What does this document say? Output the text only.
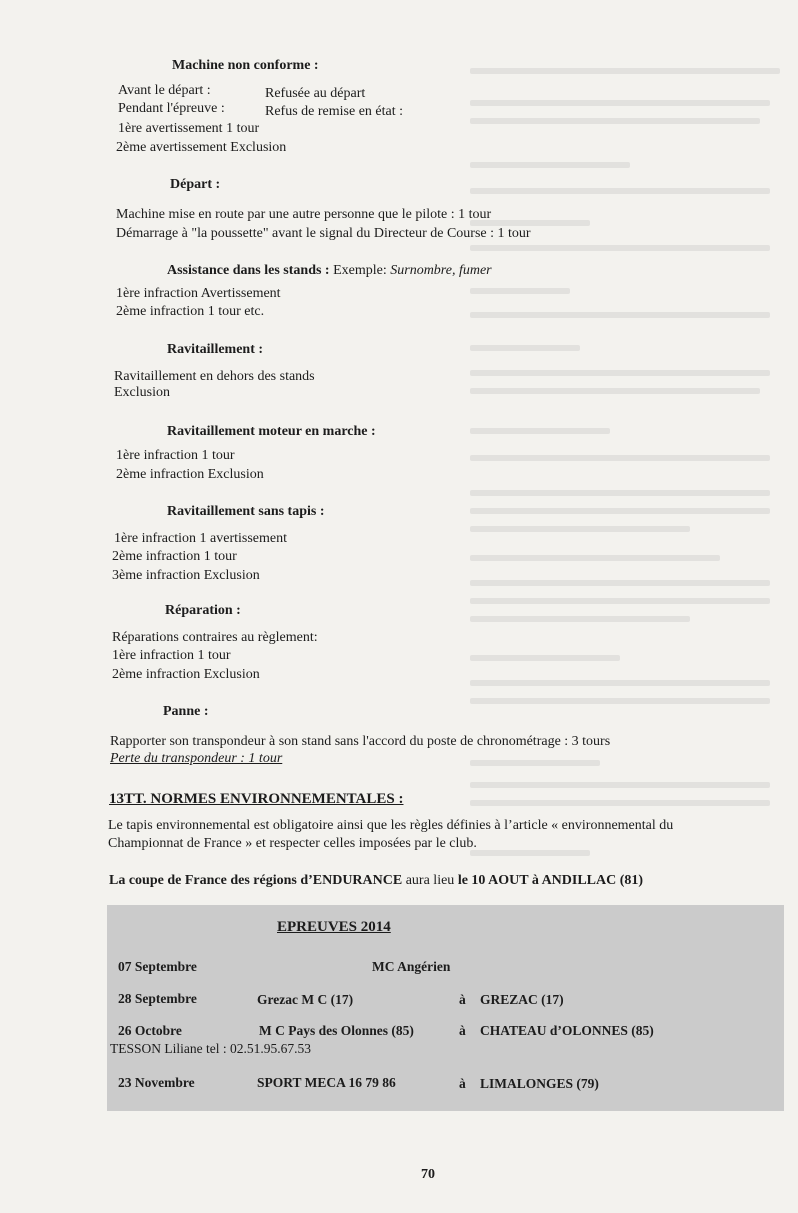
Machine non conforme :
Avant le départ :	Refusée au départ
Pendant l'épreuve :	Refus de remise en état :
1ère avertissement 1 tour
2ème avertissement Exclusion
Départ :
Machine mise en route par une autre personne que le pilote : 1 tour
Démarrage à "la poussette" avant le signal du Directeur de Course : 1 tour
Assistance dans les stands : Exemple: Surnombre, fumer
1ère infraction Avertissement
2ème infraction 1 tour etc.
Ravitaillement :
Ravitaillement en dehors des stands
Exclusion
Ravitaillement moteur en marche :
1ère infraction 1 tour
2ème infraction Exclusion
Ravitaillement sans tapis :
1ère infraction 1 avertissement
2ème infraction 1 tour
3ème infraction Exclusion
Réparation :
Réparations contraires au règlement:
1ère infraction 1 tour
2ème infraction Exclusion
Panne :
Rapporter son transpondeur à son stand sans l'accord du poste de chronométrage : 3 tours
Perte du transpondeur : 1 tour
13TT. NORMES ENVIRONNEMENTALES :
Le tapis environnemental est obligatoire ainsi que les règles définies à l’article « environnemental du
Championnat de France » et respecter celles imposées par le club.
La coupe de France des régions d’ENDURANCE aura lieu le 10 AOUT à ANDILLAC (81)
EPREUVES 2014
07 Septembre	MC Angérien
28 Septembre	Grezac M C (17)	à GREZAC (17)
26 Octobre	M C Pays des Olonnes (85)	à CHATEAU d’OLONNES (85)
TESSON Liliane tel : 02.51.95.67.53
23 Novembre	SPORT MECA 16 79 86	à LIMALONGES (79)
70
